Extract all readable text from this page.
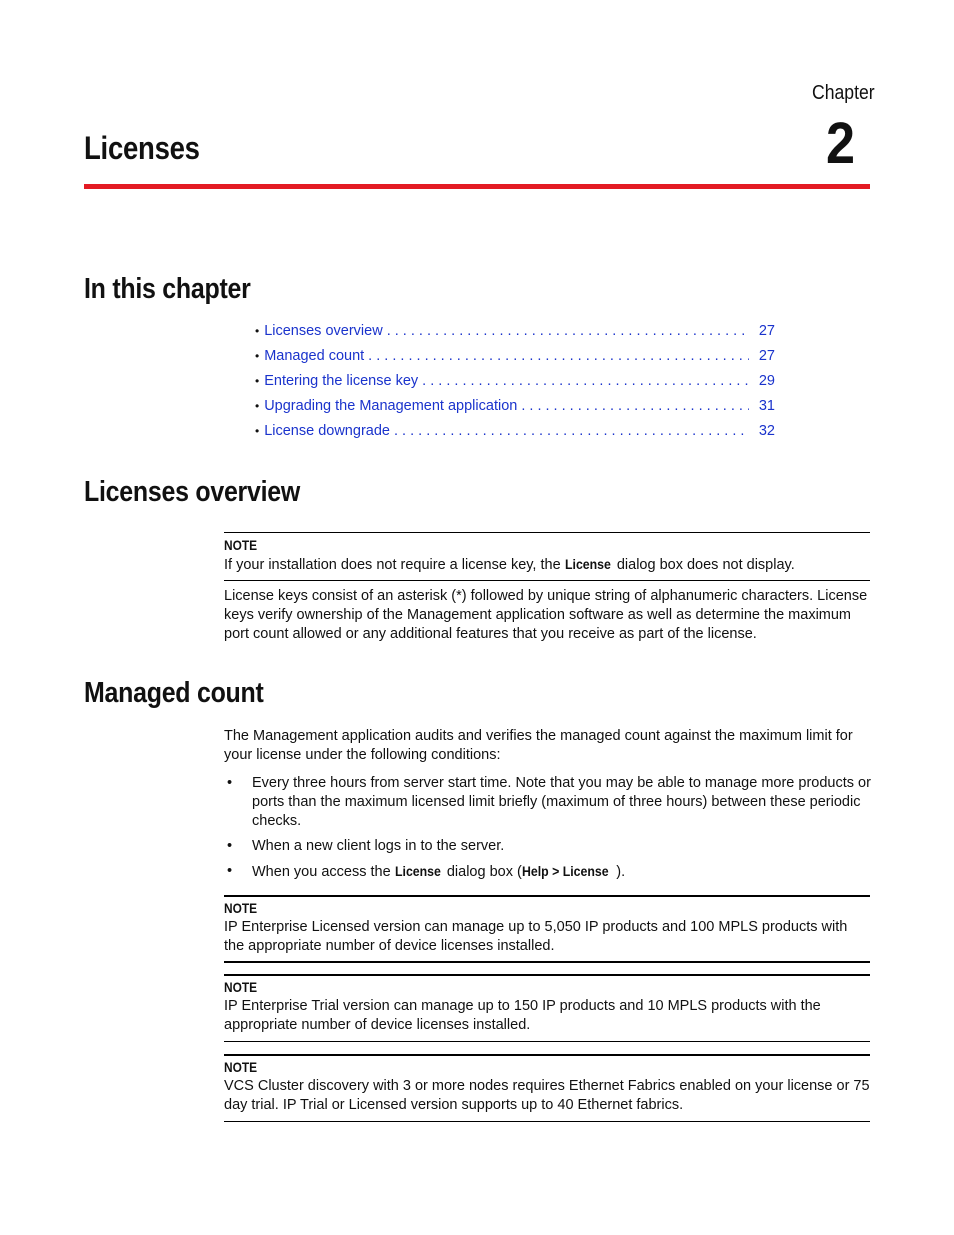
Chapter
2
Licenses
In this chapter
• Licenses overview . . .	27
• Managed count . . .	27
• Entering the license key . . .	29
• Upgrading the Management application . . .	31
• License downgrade . . .	32
Licenses overview
NOTE
If your installation does not require a license key, the License dialog box does not display.

License keys consist of an asterisk (*) followed by unique string of alphanumeric characters. License keys verify ownership of the Management application software as well as determine the maximum port count allowed or any additional features that you receive as part of the license.

Managed count

The Management application audits and verifies the managed count against the maximum limit for your license under the following conditions:

• Every three hours from server start time. Note that you may be able to manage more products or ports than the maximum licensed limit briefly (maximum of three hours) between these periodic checks.
• When a new client logs in to the server.
• When you access the License dialog box (Help > License ).
NOTE
IP Enterprise Licensed version can manage up to 5,050 IP products and 100 MPLS products with the appropriate number of device licenses installed.
NOTE
IP Enterprise Trial version can manage up to 150 IP products and 10 MPLS products with the appropriate number of device licenses installed.
NOTE
VCS Cluster discovery with 3 or more nodes requires Ethernet Fabrics enabled on your license or 75 day trial. IP Trial or Licensed version supports up to 40 Ethernet fabrics.
